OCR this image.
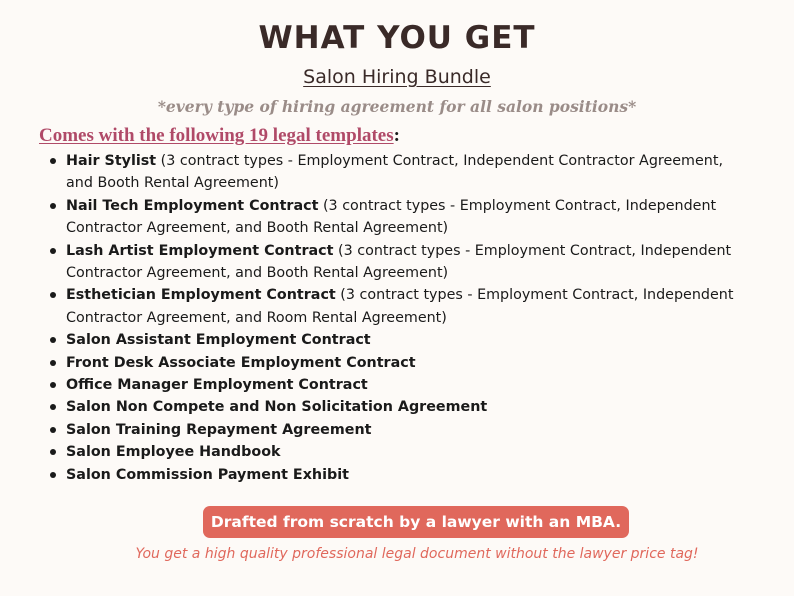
WHAT YOU GET
Salon Hiring Bundle
*every type of hiring agreement for all salon positions*
Comes with the following 19 legal templates:
Hair Stylist (3 contract types - Employment Contract, Independent Contractor Agreement, and Booth Rental Agreement)
Nail Tech Employment Contract (3 contract types - Employment Contract, Independent Contractor Agreement, and Booth Rental Agreement)
Lash Artist Employment Contract (3 contract types - Employment Contract, Independent Contractor Agreement, and Booth Rental Agreement)
Esthetician Employment Contract (3 contract types - Employment Contract, Independent Contractor Agreement, and Room Rental Agreement)
Salon Assistant Employment Contract
Front Desk Associate Employment Contract
Office Manager Employment Contract
Salon Non Compete and Non Solicitation Agreement
Salon Training Repayment Agreement
Salon Employee Handbook
Salon Commission Payment Exhibit
Drafted from scratch by a lawyer with an MBA.
You get a high quality professional legal document without the lawyer price tag!
